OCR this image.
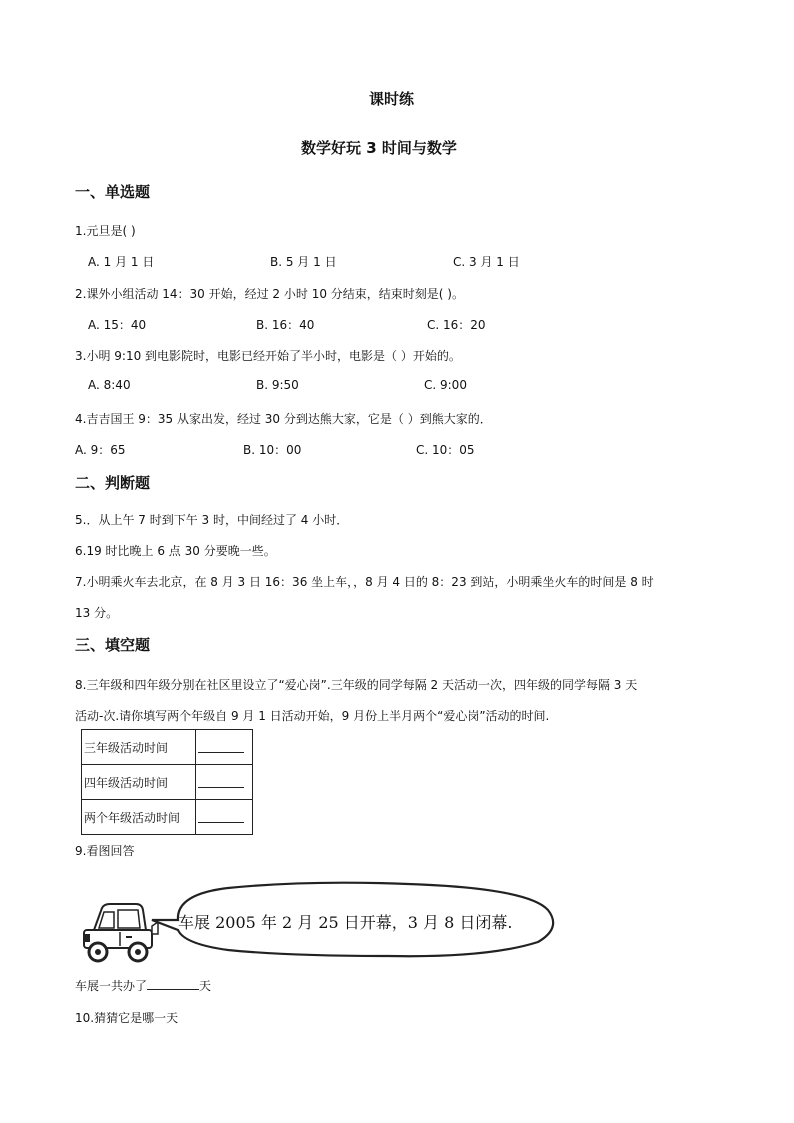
课时练
数学好玩 3 时间与数学
一、单选题
1.元旦是( )
A. 1 月 1 日	B. 5 月 1 日	C. 3 月 1 日
2.课外小组活动 14：30 开始，经过 2 小时 10 分结束，结束时刻是( )。
A. 15：40	B. 16：40	C. 16：20
3.小明 9:10 到电影院时，电影已经开始了半小时，电影是（ ）开始的。
A. 8:40	B. 9:50	C. 9:00
4.吉吉国王 9：35 从家出发，经过 30 分到达熊大家，它是（ ）到熊大家的．
A. 9：65	B. 10：00	C. 10：05
二、判断题
5.．从上午 7 时到下午 3 时，中间经过了 4 小时．
6.19 时比晚上 6 点 30 分要晚一些。
7.小明乘火车去北京，在 8 月 3 日 16：36 坐上车，，8 月 4 日的 8：23 到站，小明乘坐火车的时间是 8 时
13 分。
三、填空题
8.三年级和四年级分别在社区里设立了“爱心岗”.三年级的同学每隔 2 天活动一次，四年级的同学每隔 3 天
活动-次.请你填写两个年级自 9 月 1 日活动开始，9 月份上半月两个“爱心岗”活动的时间.
三年级活动时间	
四年级活动时间	
两个年级活动时间	
9.看图回答
车展 2005 年 2 月 25 日开幕，3 月 8 日闭幕.
车展一共办了	天
10.猜猜它是哪一天
